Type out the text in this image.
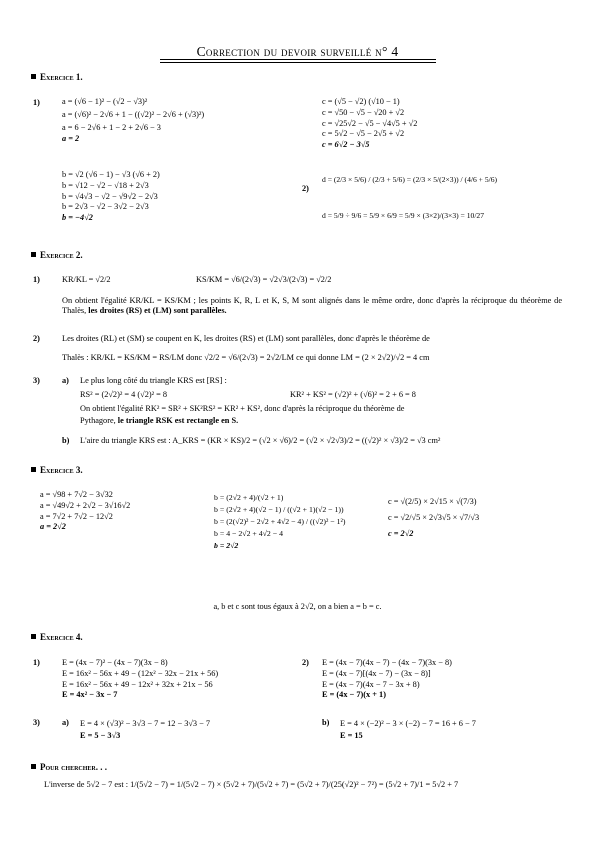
Correction du devoir surveillé n° 4
Exercice 1.
1)	a = (√6 − 1)² − (√2 − √3)²
a = (√6)² − 2√6 + 1 − ((√2)² − 2√6 + (√3)²)
a = 6 − 2√6 + 1 − 2 + 2√6 − 3
a = 2
b = √2 (√6 − 1) − √3 (√6 + 2)
b = √12 − √2 − √18 + 2√3
b = √4√3 − √2 − √9√2 − 2√3
b = 2√3 − √2 − 3√2 − 2√3
b = −4√2
c = (√5 − √2) (√10 − 1)
c = √50 − √5 − √20 + √2
c = √25√2 − √5 − √4√5 + √2
c = 5√2 − √5 − 2√5 + √2
c = 6√2 − 3√5
2)
d = (2/3 × 5/6) / (2/3 + 5/6) = (2/3 × 5/(2×3)) / (4/6 + 5/6)
d = 5/9 ÷ 9/6 = 5/9 × 6/9 = 5/9 × (3×2)/(3×3) = 10/27
Exercice 2.
1)	KR/KL = √2/2	KS/KM = √6/(2√3) = √2√3/(2√3) = √2/2
On obtient l'égalité KR/KL = KS/KM ; les points K, R, L et K, S, M sont alignés dans le même ordre, donc d'après la réciproque du théorème de Thalès, les droites (RS) et (LM) sont parallèles.
2)	Les droites (RL) et (SM) se coupent en K, les droites (RS) et (LM) sont parallèles, donc d'après le théorème de
Thalès : KR/KL = KS/KM = RS/LM donc √2/2 = √6/(2√3) = 2√2/LM ce qui donne LM = (2 × 2√2)/√2 = 4 cm
3)	a) Le plus long côté du triangle KRS est [RS] :
RS² = (2√2)² = 4 (√2)² = 8	KR² + KS² = (√2)² + (√6)² = 2 + 6 = 8
On obtient l'égalité RK² = SR² + SK²RS² = KR² + KS², donc d'après la réciproque du théorème de
Pythagore, le triangle RSK est rectangle en S.
b) L'aire du triangle KRS est : A_KRS = (KR × KS)/2 = (√2 × √6)/2 = (√2 × √2√3)/2 = ((√2)² × √3)/2 = √3 cm²
Exercice 3.
a = √98 + 7√2 − 3√32
a = √49√2 + 2√2 − 3√16√2
a = 7√2 + 7√2 − 12√2
a = 2√2
b = (2√2 + 4)/(√2 + 1)
b = (2√2 + 4)(√2 − 1) / ((√2 + 1)(√2 − 1))
b = (2(√2)² − 2√2 + 4√2 − 4) / ((√2)² − 1²)
b = 4 − 2√2 + 4√2 − 4
b = 2√2
c = √(2/5) × 2√15 × √(7/3)
c = √2/√5 × 2√3√5 × √7/√3
c = 2√2
a, b et c sont tous égaux à 2√2, on a bien a = b = c.
Exercice 4.
1)	E = (4x − 7)² − (4x − 7)(3x − 8)
E = 16x² − 56x + 49 − (12x² − 32x − 21x + 56)
E = 16x² − 56x + 49 − 12x² + 32x + 21x − 56
E = 4x² − 3x − 7
2) E = (4x − 7)(4x − 7) − (4x − 7)(3x − 8)
E = (4x − 7)[(4x − 7) − (3x − 8)]
E = (4x − 7)(4x − 7 − 3x + 8)
E = (4x − 7)(x + 1)
3)	a) E = 4 × (√3)² − 3√3 − 7 = 12 − 3√3 − 7
E = 5 − 3√3
b) E = 4 × (−2)² − 3 × (−2) − 7 = 16 + 6 − 7
E = 15
Pour chercher. . .
L'inverse de 5√2 − 7 est : 1/(5√2 − 7) = 1/(5√2 − 7) × (5√2 + 7)/(5√2 + 7) = (5√2 + 7)/(25(√2)² − 7²) = (5√2 + 7)/1 = 5√2 + 7
